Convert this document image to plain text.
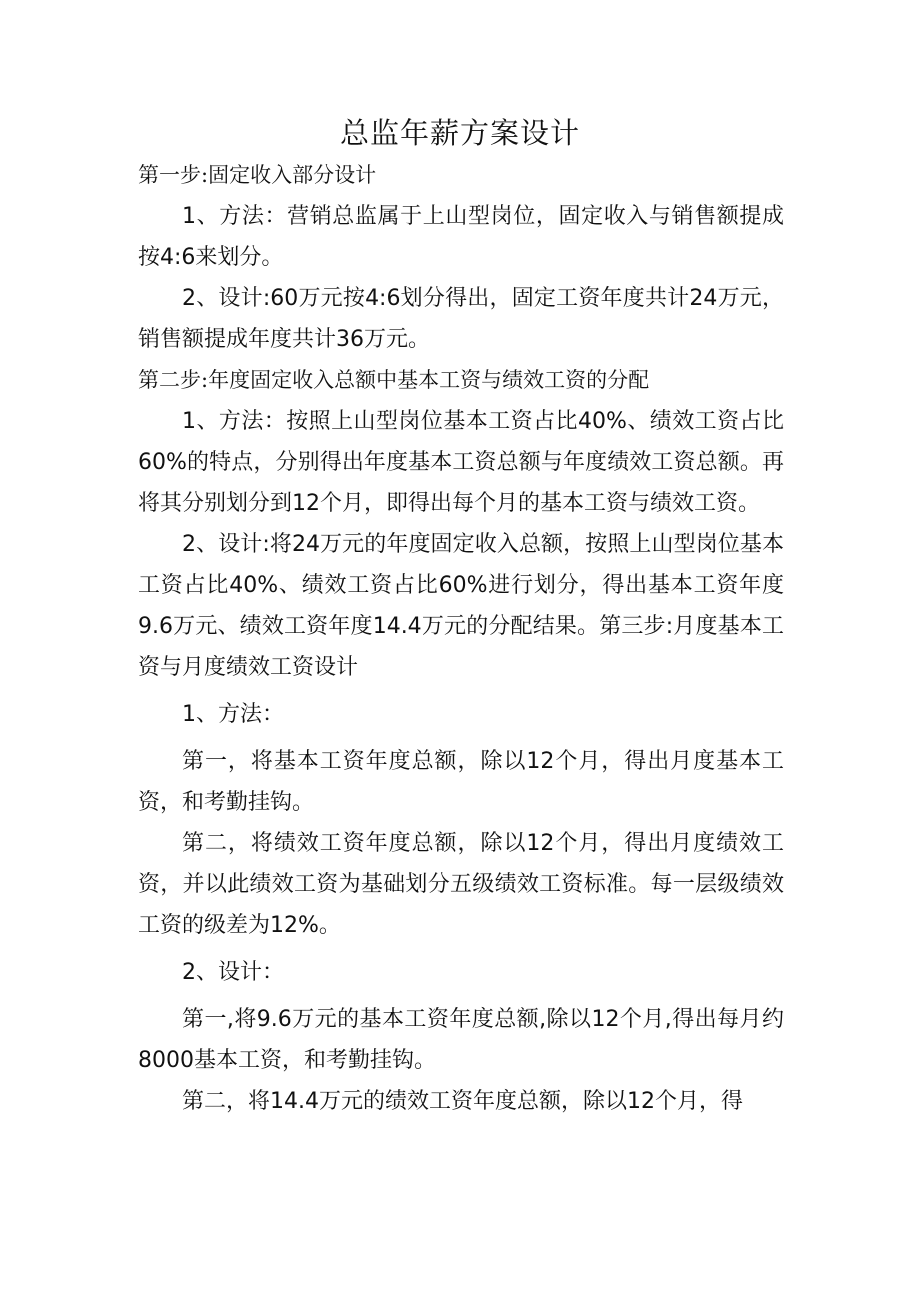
总监年薪方案设计

第一步:固定收入部分设计

1、方法：营销总监属于上山型岗位，固定收入与销售额提成按4:6来划分。

2、设计:60万元按4:6划分得出，固定工资年度共计24万元，销售额提成年度共计36万元。

第二步:年度固定收入总额中基本工资与绩效工资的分配

1、方法：按照上山型岗位基本工资占比40%、绩效工资占比60%的特点，分别得出年度基本工资总额与年度绩效工资总额。再将其分别划分到12个月，即得出每个月的基本工资与绩效工资。

2、设计:将24万元的年度固定收入总额，按照上山型岗位基本工资占比40%、绩效工资占比60%进行划分，得出基本工资年度9.6万元、绩效工资年度14.4万元的分配结果。第三步:月度基本工资与月度绩效工资设计

1、方法：

第一，将基本工资年度总额，除以12个月，得出月度基本工资，和考勤挂钩。

第二，将绩效工资年度总额，除以12个月，得出月度绩效工资，并以此绩效工资为基础划分五级绩效工资标准。每一层级绩效工资的级差为12%。

2、设计：

第一,将9.6万元的基本工资年度总额,除以12个月,得出每月约8000基本工资，和考勤挂钩。

第二，将14.4万元的绩效工资年度总额，除以12个月，得
